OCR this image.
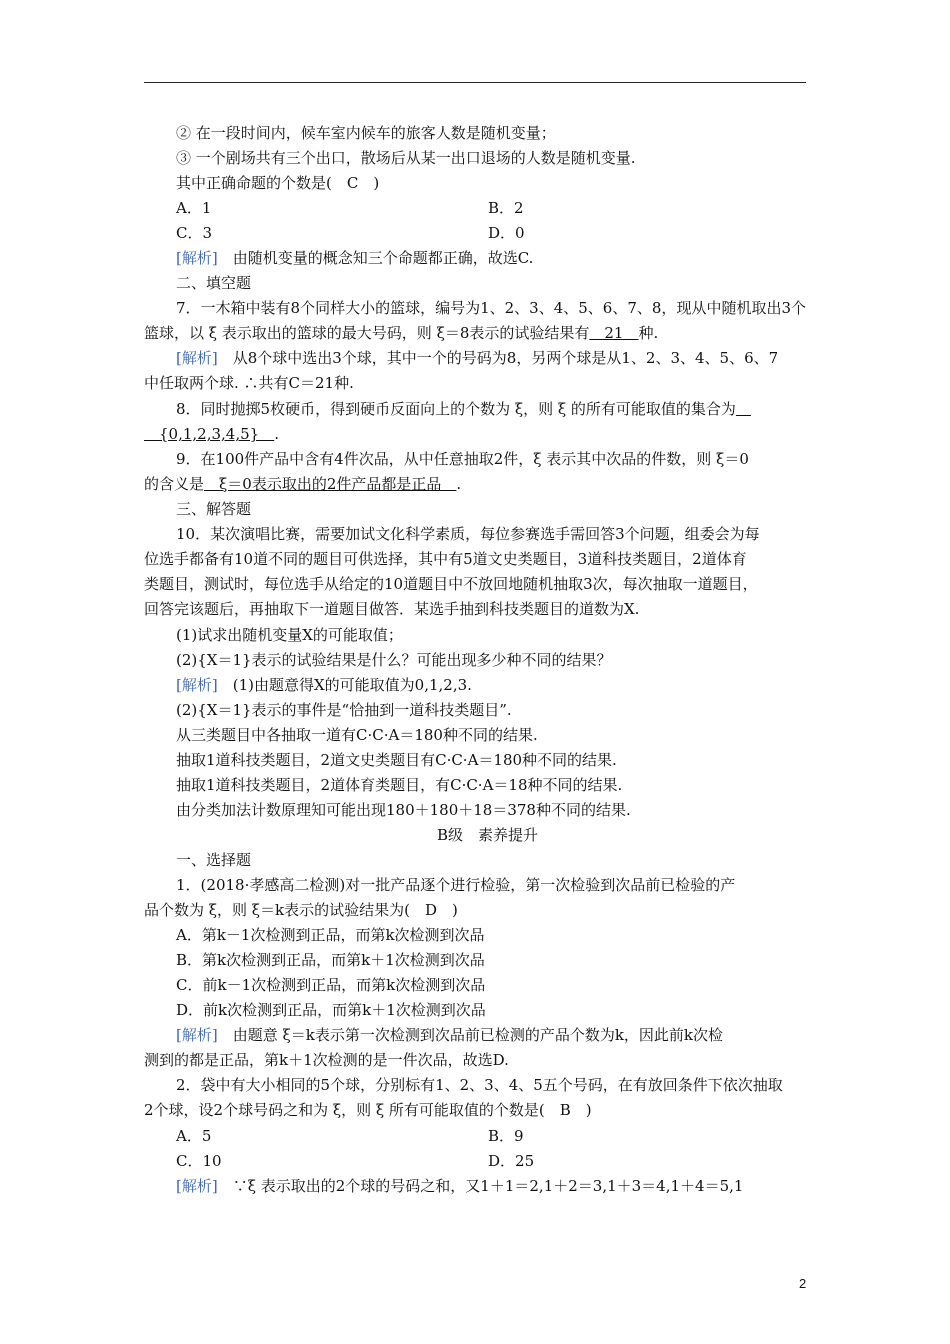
② 在一段时间内，候车室内候车的旅客人数是随机变量；
③ 一个剧场共有三个出口，散场后从某一出口退场的人数是随机变量.
其中正确命题的个数是(　C　)
A．1	B．2
C．3	D．0
[解析]　由随机变量的概念知三个命题都正确，故选C.
二、填空题
7．一木箱中装有8个同样大小的篮球，编号为1、2、3、4、5、6、7、8，现从中随机取出3个
篮球，以 ξ 表示取出的篮球的最大号码，则 ξ＝8表示的试验结果有　21　种.
[解析]　从8个球中选出3个球，其中一个的号码为8，另两个球是从1、2、3、4、5、6、7
中任取两个球. ∴共有C＝21种.
8．同时抛掷5枚硬币，得到硬币反面向上的个数为 ξ，则 ξ 的所有可能取值的集合为 
　{0,1,2,3,4,5}　.
9．在100件产品中含有4件次品，从中任意抽取2件，ξ 表示其中次品的件数，则 ξ＝0
的含义是　ξ＝0表示取出的2件产品都是正品　.
三、解答题
10．某次演唱比赛，需要加试文化科学素质，每位参赛选手需回答3个问题，组委会为每
位选手都备有10道不同的题目可供选择，其中有5道文史类题目，3道科技类题目，2道体育
类题目，测试时，每位选手从给定的10道题目中不放回地随机抽取3次，每次抽取一道题目，
回答完该题后，再抽取下一道题目做答．某选手抽到科技类题目的道数为X.
(1)试求出随机变量X的可能取值；
(2){X＝1}表示的试验结果是什么？可能出现多少种不同的结果？
[解析]　(1)由题意得X的可能取值为0,1,2,3.
(2){X＝1}表示的事件是“恰抽到一道科技类题目”.
从三类题目中各抽取一道有C·C·A＝180种不同的结果.
抽取1道科技类题目，2道文史类题目有C·C·A＝180种不同的结果.
抽取1道科技类题目，2道体育类题目，有C·C·A＝18种不同的结果.
由分类加法计数原理知可能出现180＋180＋18＝378种不同的结果.
B级　素养提升
一、选择题
1．(2018·孝感高二检测)对一批产品逐个进行检验，第一次检验到次品前已检验的产
品个数为 ξ，则 ξ＝k表示的试验结果为(　D　)
A．第k－1次检测到正品，而第k次检测到次品
B．第k次检测到正品，而第k＋1次检测到次品
C．前k－1次检测到正品，而第k次检测到次品
D．前k次检测到正品，而第k＋1次检测到次品
[解析]　由题意 ξ＝k表示第一次检测到次品前已检测的产品个数为k，因此前k次检
测到的都是正品，第k＋1次检测的是一件次品，故选D.
2．袋中有大小相同的5个球，分别标有1、2、3、4、5五个号码，在有放回条件下依次抽取
2个球，设2个球号码之和为 ξ，则 ξ 所有可能取值的个数是(　B　)
A．5	B．9
C．10	D．25
[解析]　∵ξ 表示取出的2个球的号码之和，又1＋1＝2,1＋2＝3,1＋3＝4,1＋4＝5,1
2
